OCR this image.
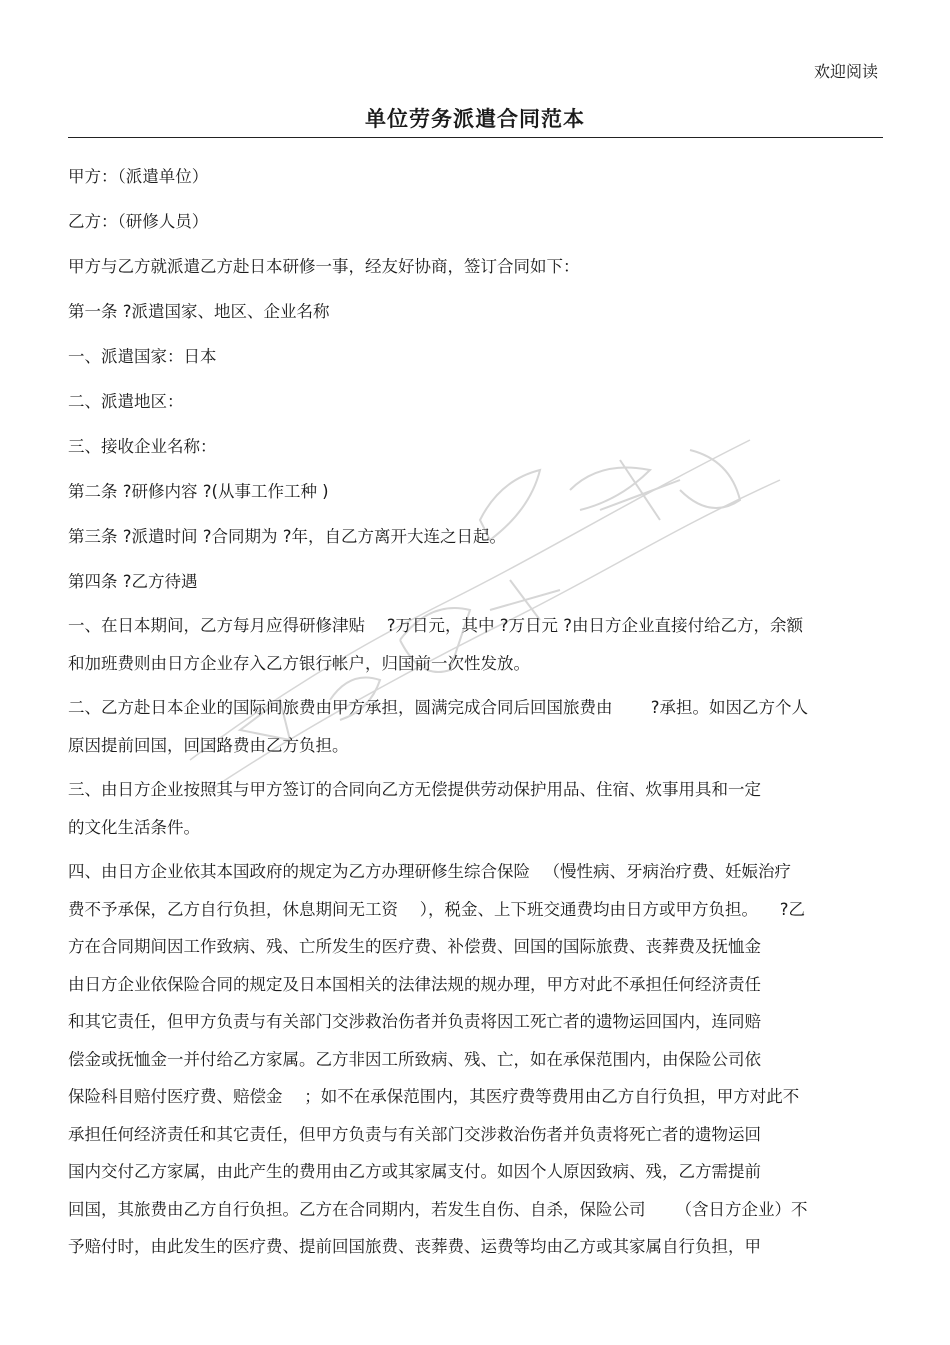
欢迎阅读
单位劳务派遣合同范本

甲方：（派遣单位）

乙方：（研修人员）

甲方与乙方就派遣乙方赴日本研修一事，经友好协商，签订合同如下：

第一条 ?派遣国家、地区、企业名称

一、派遣国家：日本

二、派遣地区：

三、接收企业名称：

第二条 ?研修内容 ?(从事工作工种 )

第三条 ?派遣时间 ?合同期为 ?年，自乙方离开大连之日起。

第四条 ?乙方待遇

一、在日本期间，乙方每月应得研修津贴 　?万日元，其中 ?万日元 ?由日方企业直接付给乙方，余额
和加班费则由日方企业存入乙方银行帐户，归国前一次性发放。

二、乙方赴日本企业的国际间旅费由甲方承担，圆满完成合同后回国旅费由 　　?承担。如因乙方个人
原因提前回国，回国路费由乙方负担。

三、由日方企业按照其与甲方签订的合同向乙方无偿提供劳动保护用品、住宿、炊事用具和一定
的文化生活条件。

四、由日方企业依其本国政府的规定为乙方办理研修生综合保险 　（慢性病、牙病治疗费、妊娠治疗
费不予承保，乙方自行负担，休息期间无工资 　），税金、上下班交通费均由日方或甲方负担。 　?乙
方在合同期间因工作致病、残、亡所发生的医疗费、补偿费、回国的国际旅费、丧葬费及抚恤金
由日方企业依保险合同的规定及日本国相关的法律法规的规办理，甲方对此不承担任何经济责任
和其它责任，但甲方负责与有关部门交涉救治伤者并负责将因工死亡者的遗物运回国内，连同赔
偿金或抚恤金一并付给乙方家属。乙方非因工所致病、残、亡，如在承保范围内，由保险公司依
保险科目赔付医疗费、赔偿金 　；如不在承保范围内，其医疗费等费用由乙方自行负担，甲方对此不
承担任何经济责任和其它责任，但甲方负责与有关部门交涉救治伤者并负责将死亡者的遗物运回
国内交付乙方家属，由此产生的费用由乙方或其家属支付。如因个人原因致病、残，乙方需提前
回国，其旅费由乙方自行负担。乙方在合同期内，若发生自伤、自杀，保险公司 　　（含日方企业）不
予赔付时，由此发生的医疗费、提前回国旅费、丧葬费、运费等均由乙方或其家属自行负担，甲
